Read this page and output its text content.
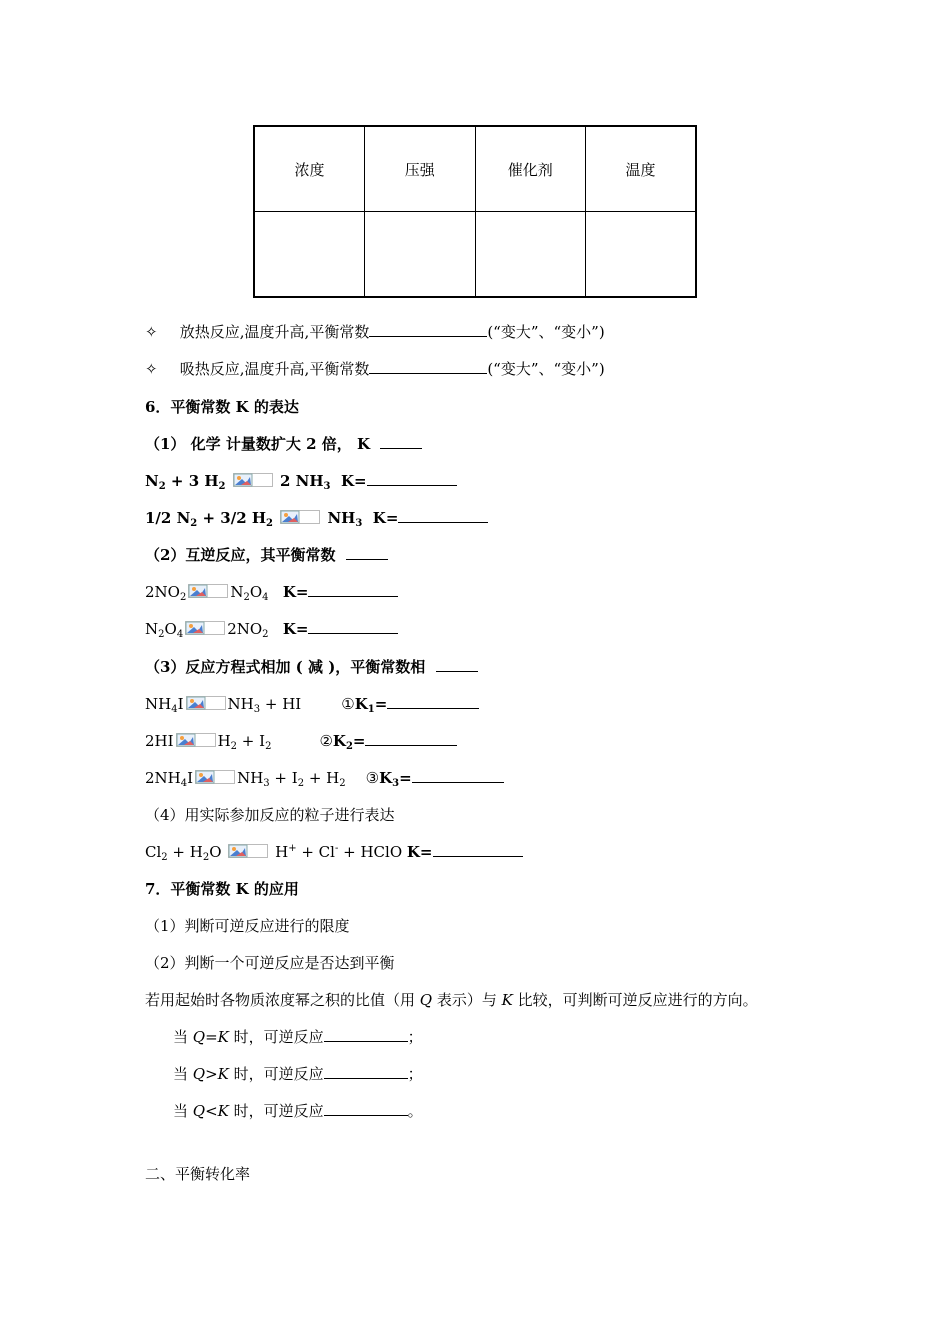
浓度	压强	催化剂	温度

✧ 放热反应,温度升高,平衡常数	(“变大”、“变小”)
✧ 吸热反应,温度升高,平衡常数	(“变大”、“变小”)
6．平衡常数 K 的表达
（1） 化学 计量数扩大 2 倍， K
$N_2 + 3$ $H_2$	2 $NH_3$ K=
1/2 $N_2 + 3/2$ $H_2$	$NH_3$ K=
（2）互逆反应，其平衡常数
$2NO_2$	$N_2O_4$ K=
$N_2O_4$	$2NO_2$ K=
（3）反应方程式相加 ( 减 )，平衡常数相
$NH_4I$	$NH_3$ + HI	$①K_1=$
2HI	$H_2 + I_2$	$②K_2=$
$2NH_4I$	$NH_3 + I_2 + H_2$ $③K_3=$
（4）用实际参加反应的粒子进行表达
$Cl_2 + H_2O$	H+ + Cl- + HClO K=
7．平衡常数 K 的应用
（1）判断可逆反应进行的限度
（2）判断一个可逆反应是否达到平衡
若用起始时各物质浓度幂之积的比值（用 Q 表示）与 K 比较，可判断可逆反应进行的方向。
当 Q=K 时，可逆反应	；
当 Q>K 时，可逆反应	；
当 Q<K 时，可逆反应	。
二、平衡转化率
